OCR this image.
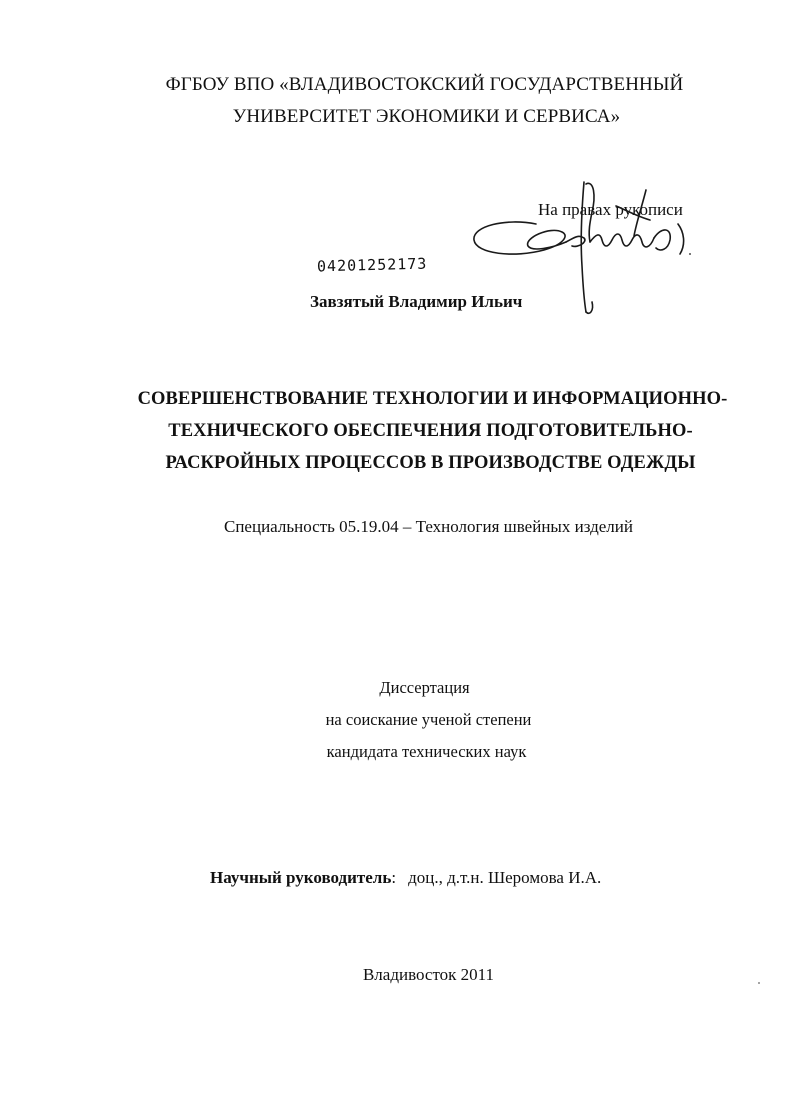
ФГБОУ ВПО «ВЛАДИВОСТОКСКИЙ ГОСУДАРСТВЕННЫЙ
УНИВЕРСИТЕТ ЭКОНОМИКИ И СЕРВИСА»
На правах рукописи
04201252173
Завзятый Владимир Ильич
СОВЕРШЕНСТВОВАНИЕ ТЕХНОЛОГИИ И ИНФОРМАЦИОННО-
ТЕХНИЧЕСКОГО ОБЕСПЕЧЕНИЯ ПОДГОТОВИТЕЛЬНО-
РАСКРОЙНЫХ ПРОЦЕССОВ В ПРОИЗВОДСТВЕ ОДЕЖДЫ
Специальность 05.19.04 – Технология швейных изделий
Диссертация
на соискание ученой степени
кандидата технических наук
Научный руководитель: доц., д.т.н. Шеромова И.А.
Владивосток 2011
